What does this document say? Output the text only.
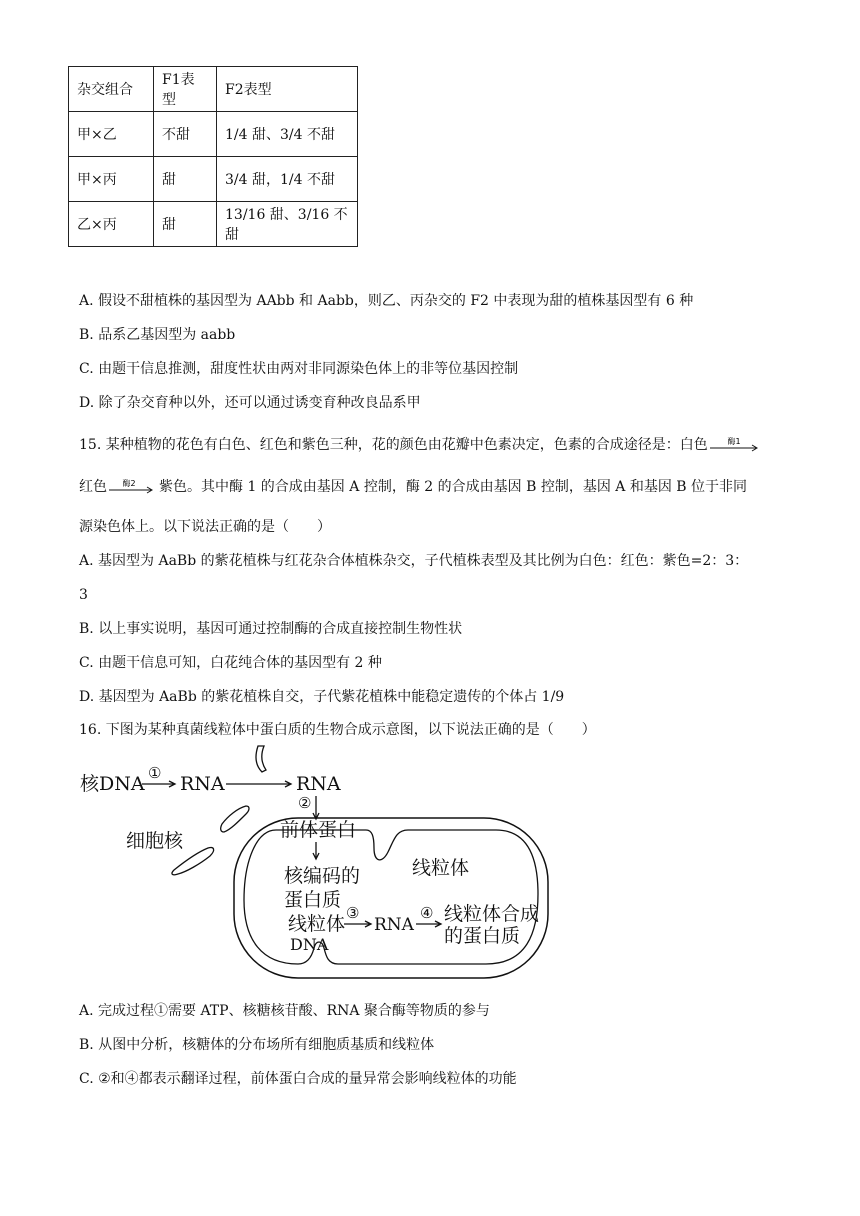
杂交组合	F1表型	F2表型
甲×乙	不甜	1/4 甜、3/4 不甜
甲×丙	甜	3/4 甜，1/4 不甜
乙×丙	甜	13/16 甜、3/16 不甜
A. 假设不甜植株的基因型为 AAbb 和 Aabb，则乙、丙杂交的 F2 中表现为甜的植株基因型有 6 种
B. 品系乙基因型为 aabb
C. 由题干信息推测，甜度性状由两对非同源染色体上的非等位基因控制
D. 除了杂交育种以外，还可以通过诱变育种改良品系甲
15. 某种植物的花色有白色、红色和紫色三种，花的颜色由花瓣中色素决定，色素的合成途径是：白色 酶1
红色 酶2 紫色。其中酶 1 的合成由基因 A 控制，酶 2 的合成由基因 B 控制，基因 A 和基因 B 位于非同
源染色体上。以下说法正确的是（　　）
A. 基因型为 AaBb 的紫花植株与红花杂合体植株杂交，子代植株表型及其比例为白色：红色：紫色=2：3：
3
B. 以上事实说明，基因可通过控制酶的合成直接控制生物性状
C. 由题干信息可知，白花纯合体的基因型有 2 种
D. 基因型为 AaBb 的紫花植株自交，子代紫花植株中能稳定遗传的个体占 1/9
16. 下图为某种真菌线粒体中蛋白质的生物合成示意图，以下说法正确的是（　　）
核DNA ① RNA	RNA
②
前体蛋白
细胞核
线粒体
核编码的
蛋白质
线粒体
DNA
③
RNA
④ 线粒体合成
的蛋白质
A. 完成过程①需要 ATP、核糖核苷酸、RNA 聚合酶等物质的参与
B. 从图中分析，核糖体的分布场所有细胞质基质和线粒体
C. ②和④都表示翻译过程，前体蛋白合成的量异常会影响线粒体的功能
